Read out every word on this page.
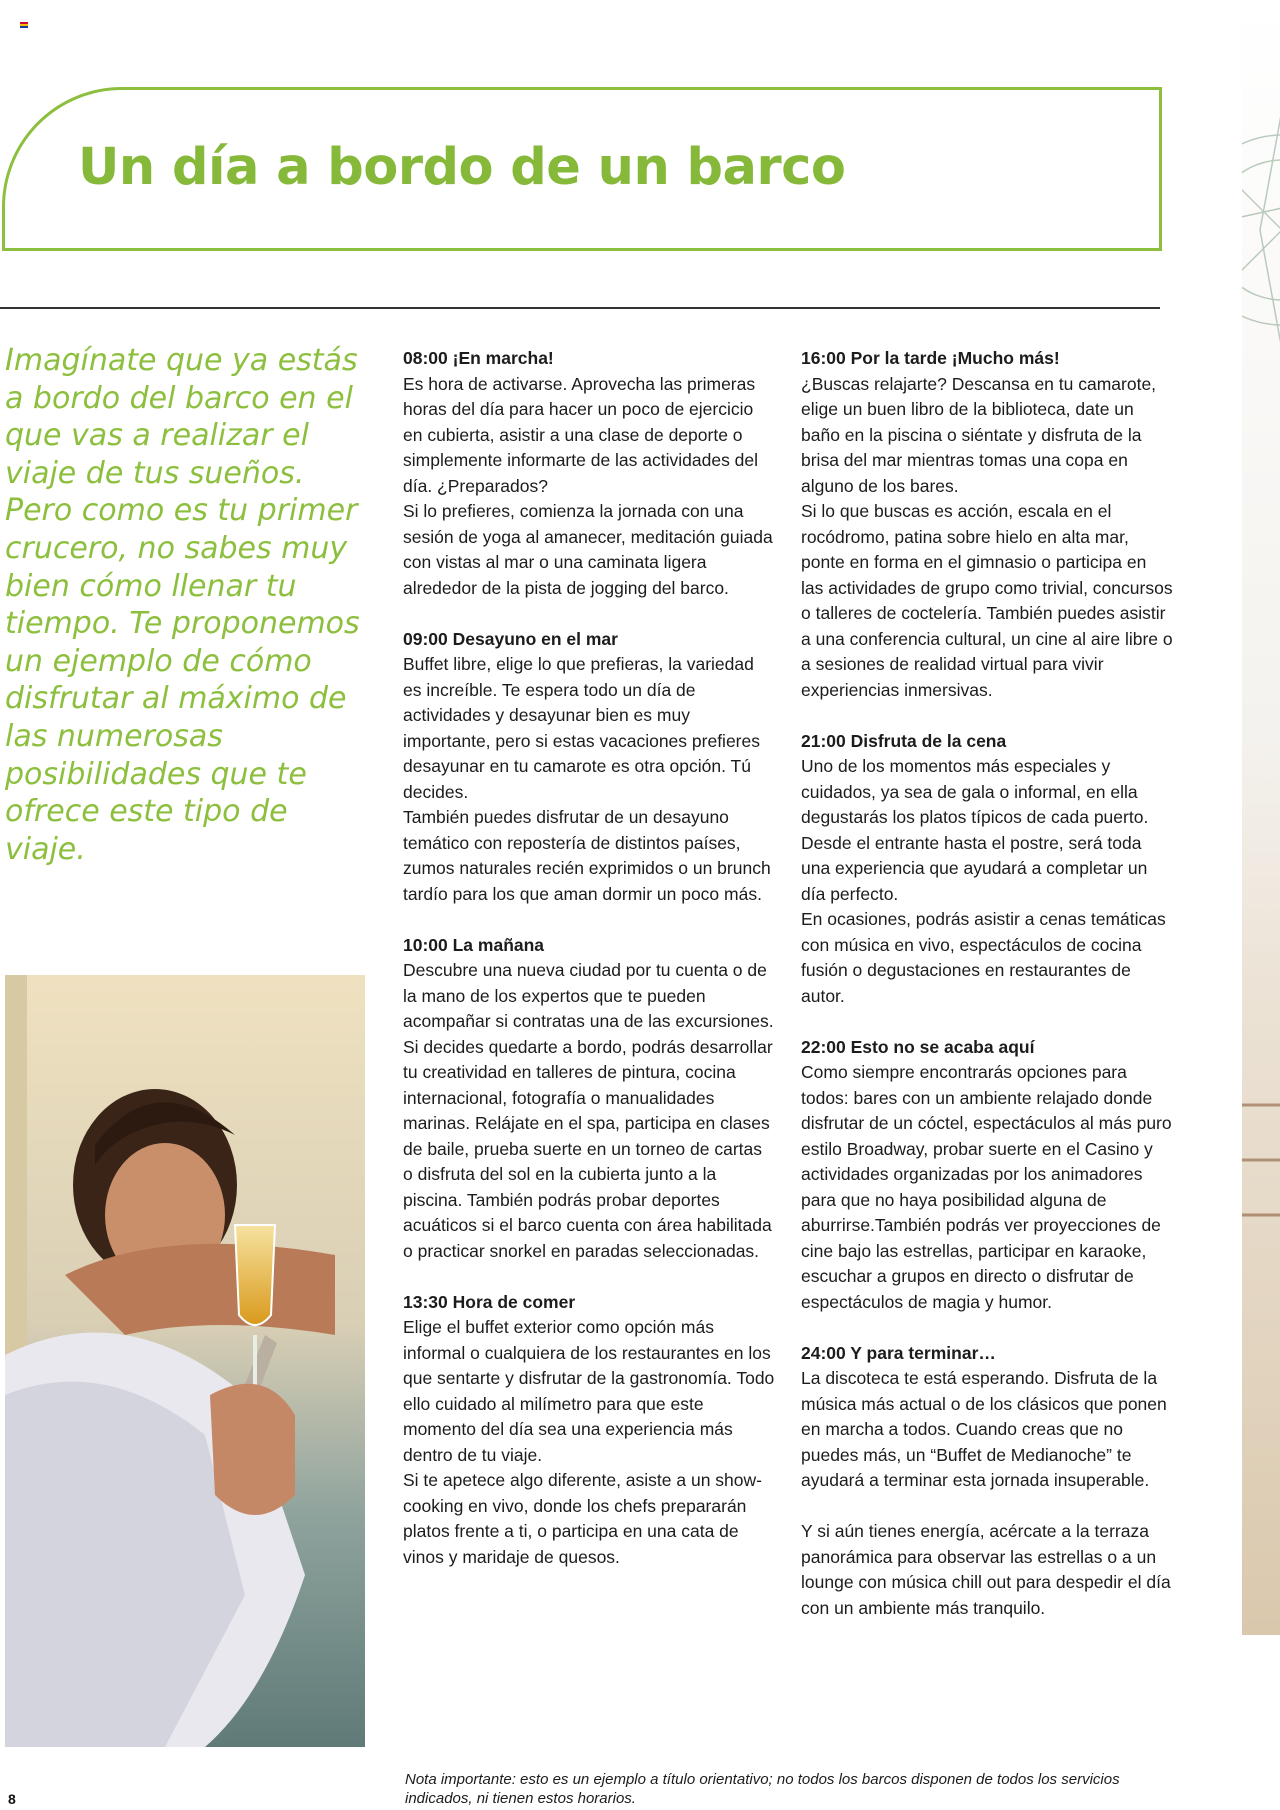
Un día a bordo de un barco

Imagínate que ya estás a bordo del barco en el que vas a realizar el viaje de tus sueños. Pero como es tu primer crucero, no sabes muy bien cómo llenar tu tiempo. Te proponemos un ejemplo de cómo disfrutar al máximo de las numerosas posibilidades que te ofrece este tipo de viaje.

08:00 ¡En marcha!

Es hora de activarse. Aprovecha las primeras horas del día para hacer un poco de ejercicio en cubierta, asistir a una clase de deporte o simplemente informarte de las actividades del día. ¿Preparados?

Si lo prefieres, comienza la jornada con una sesión de yoga al amanecer, meditación guiada con vistas al mar o una caminata ligera alrededor de la pista de jogging del barco.

09:00 Desayuno en el mar

Buffet libre, elige lo que prefieras, la variedad es increíble. Te espera todo un día de actividades y desayunar bien es muy importante, pero si estas vacaciones prefieres desayunar en tu camarote es otra opción. Tú decides.

También puedes disfrutar de un desayuno temático con repostería de distintos países, zumos naturales recién exprimidos o un brunch tardío para los que aman dormir un poco más.

10:00 La mañana

Descubre una nueva ciudad por tu cuenta o de la mano de los expertos que te pueden acompañar si contratas una de las excursiones.

Si decides quedarte a bordo, podrás desarrollar tu creatividad en talleres de pintura, cocina internacional, fotografía o manualidades marinas. Relájate en el spa, participa en clases de baile, prueba suerte en un torneo de cartas o disfruta del sol en la cubierta junto a la piscina. También podrás probar deportes acuáticos si el barco cuenta con área habilitada o practicar snorkel en paradas seleccionadas.

13:30 Hora de comer

Elige el buffet exterior como opción más informal o cualquiera de los restaurantes en los que sentarte y disfrutar de la gastronomía. Todo ello cuidado al milímetro para que este momento del día sea una experiencia más dentro de tu viaje.

Si te apetece algo diferente, asiste a un show-cooking en vivo, donde los chefs prepararán platos frente a ti, o participa en una cata de vinos y maridaje de quesos.

16:00 Por la tarde ¡Mucho más!

¿Buscas relajarte? Descansa en tu camarote, elige un buen libro de la biblioteca, date un baño en la piscina o siéntate y disfruta de la brisa del mar mientras tomas una copa en alguno de los bares.

Si lo que buscas es acción, escala en el rocódromo, patina sobre hielo en alta mar, ponte en forma en el gimnasio o participa en las actividades de grupo como trivial, concursos o talleres de coctelería. También puedes asistir a una conferencia cultural, un cine al aire libre o a sesiones de realidad virtual para vivir experiencias inmersivas.

21:00 Disfruta de la cena

Uno de los momentos más especiales y cuidados, ya sea de gala o informal, en ella degustarás los platos típicos de cada puerto. Desde el entrante hasta el postre, será toda una experiencia que ayudará a completar un día perfecto.

En ocasiones, podrás asistir a cenas temáticas con música en vivo, espectáculos de cocina fusión o degustaciones en restaurantes de autor.

22:00 Esto no se acaba aquí

Como siempre encontrarás opciones para todos: bares con un ambiente relajado donde disfrutar de un cóctel, espectáculos al más puro estilo Broadway, probar suerte en el Casino y actividades organizadas por los animadores para que no haya posibilidad alguna de aburrirse.También podrás ver proyecciones de cine bajo las estrellas, participar en karaoke, escuchar a grupos en directo o disfrutar de espectáculos de magia y humor.

24:00 Y para terminar…

La discoteca te está esperando. Disfruta de la música más actual o de los clásicos que ponen en marcha a todos. Cuando creas que no puedes más, un “Buffet de Medianoche” te ayudará a terminar esta jornada insuperable.

Y si aún tienes energía, acércate a la terraza panorámica para observar las estrellas o a un lounge con música chill out para despedir el día con un ambiente más tranquilo.

8

Nota importante: esto es un ejemplo a título orientativo; no todos los barcos disponen de todos los servicios indicados, ni tienen estos horarios.
